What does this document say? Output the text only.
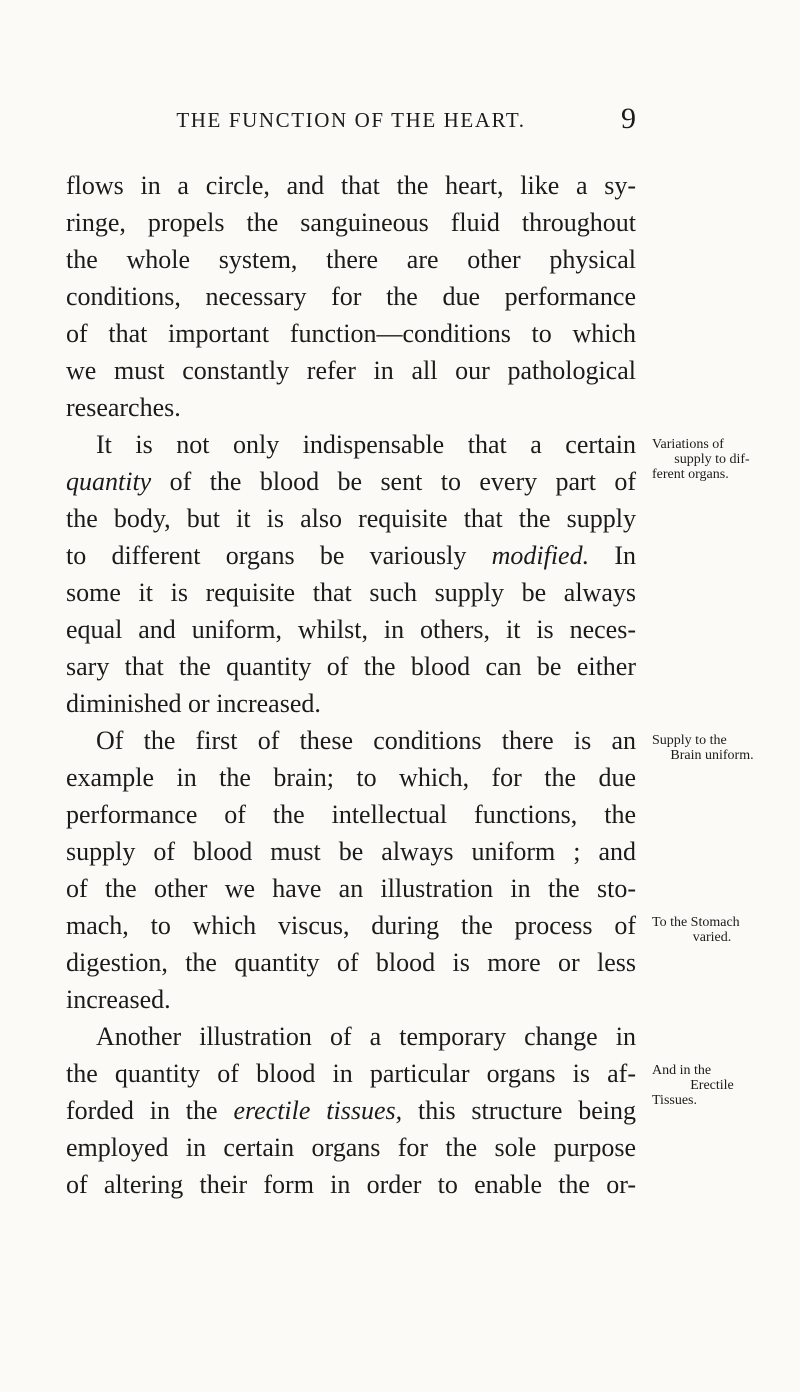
THE FUNCTION OF THE HEART.	9
flows in a circle, and that the heart, like a sy-
ringe, propels the sanguineous fluid throughout
the whole system, there are other physical
conditions, necessary for the due performance
of that important function—conditions to which
we must constantly refer in all our pathological
researches.
It is not only indispensable that a certain
quantity of the blood be sent to every part of
the body, but it is also requisite that the supply
to different organs be variously modified. In
some it is requisite that such supply be always
equal and uniform, whilst, in others, it is neces-
sary that the quantity of the blood can be either
diminished or increased.
Of the first of these conditions there is an
example in the brain; to which, for the due
performance of the intellectual functions, the
supply of blood must be always uniform ; and
of the other we have an illustration in the sto-
mach, to which viscus, during the process of
digestion, the quantity of blood is more or less
increased.
Another illustration of a temporary change in
the quantity of blood in particular organs is af-
forded in the erectile tissues, this structure being
employed in certain organs for the sole purpose
of altering their form in order to enable the or-
Variations of
supply to dif-
ferent organs.
Supply to the
Brain uniform.
To the Stomach
varied.
And in the
Erectile
Tissues.
